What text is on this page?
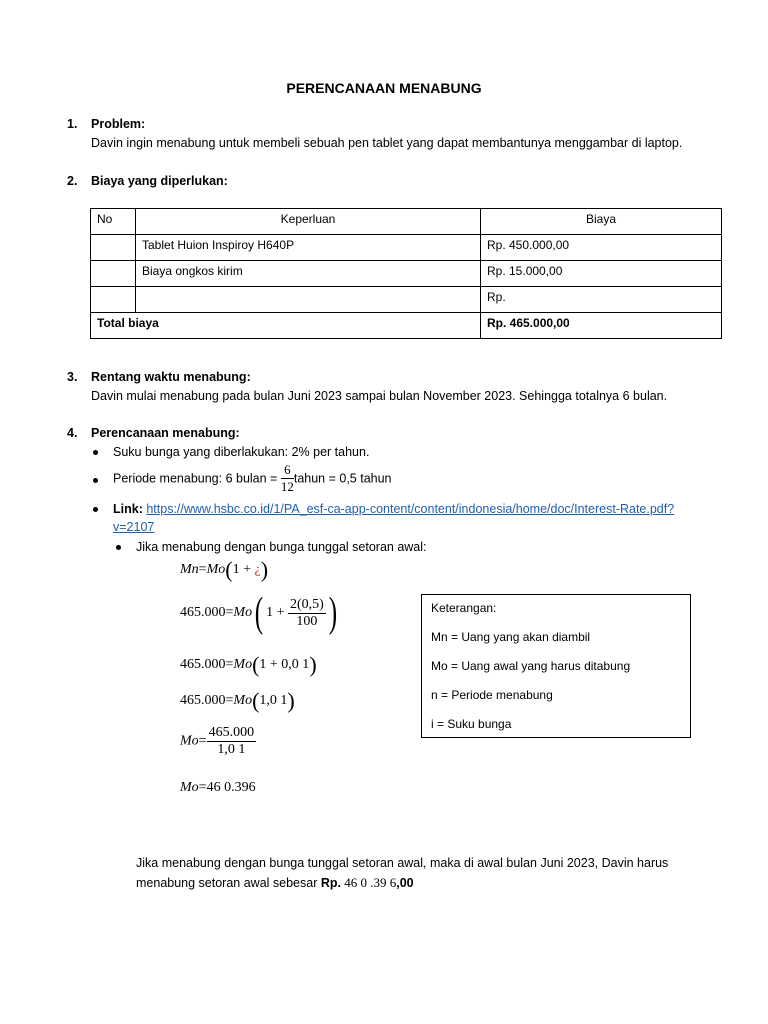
PERENCANAAN MENABUNG
1. Problem:
Davin ingin menabung untuk membeli sebuah pen tablet yang dapat membantunya menggambar di laptop.
2. Biaya yang diperlukan:
No	Keperluan	Biaya
	Tablet Huion Inspiroy H640P	Rp. 450.000,00
	Biaya ongkos kirim	Rp. 15.000,00
		Rp.
Total biaya		Rp. 465.000,00
3. Rentang waktu menabung:
Davin mulai menabung pada bulan Juni 2023 sampai bulan November 2023. Sehingga totalnya 6 bulan.
4. Perencanaan menabung:
Suku bunga yang diberlakukan: 2% per tahun.
Periode menabung: 6 bulan = $\frac{6}{12}$ tahun = 0,5 tahun
Link: https://www.hsbc.co.id/1/PA_esf-ca-app-content/content/indonesia/home/doc/Interest-Rate.pdf?
v=2107
Jika menabung dengan bunga tunggal setoran awal:
Mn=Mo(1 + ¿)
465.000=Mo( $1 + \frac{2(0,5)}{100}$ )
465.000=Mo(1 + 0,0 1)
465.000=Mo(1,0 1)
$Mo= \frac{465.000}{1,0 1}$
Mo=46 0.396
Keterangan:
Mn = Uang yang akan diambil
Mo = Uang awal yang harus ditabung
n = Periode menabung
i = Suku bunga
Jika menabung dengan bunga tunggal setoran awal, maka di awal bulan Juni 2023, Davin harus
menabung setoran awal sebesar Rp. 46 0 .39 6,00
